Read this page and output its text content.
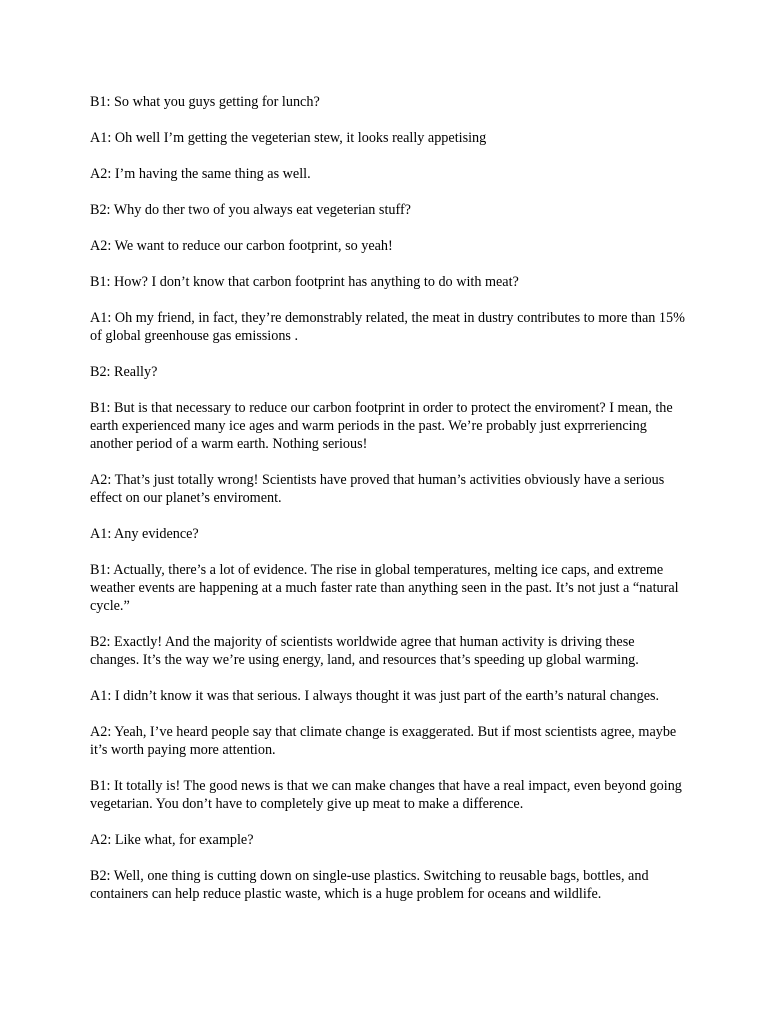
B1: So what you guys getting for lunch?

A1: Oh well I’m getting the vegeterian stew, it looks really appetising

A2: I’m having the same thing as well.

B2: Why do ther two of you always eat vegeterian stuff?

A2: We want to reduce our carbon footprint, so yeah!

B1: How? I don’t know that carbon footprint has anything to do with meat?

A1: Oh my friend, in fact, they’re demonstrably related, the meat in dustry contributes to more than 15% of global greenhouse gas emissions .

B2: Really?

B1: But is that necessary to reduce our carbon footprint in order to protect the enviroment? I mean, the earth experienced many ice ages and warm periods in the past. We’re probably just exprreriencing another period of a warm earth. Nothing serious!

A2: That’s just totally wrong! Scientists have proved that human’s activities obviously have a serious effect on our planet’s enviroment.

A1: Any evidence?

B1: Actually, there’s a lot of evidence. The rise in global temperatures, melting ice caps, and extreme weather events are happening at a much faster rate than anything seen in the past. It’s not just a “natural cycle.”

B2: Exactly! And the majority of scientists worldwide agree that human activity is driving these changes. It’s the way we’re using energy, land, and resources that’s speeding up global warming.

A1: I didn’t know it was that serious. I always thought it was just part of the earth’s natural changes.

A2: Yeah, I’ve heard people say that climate change is exaggerated. But if most scientists agree, maybe it’s worth paying more attention.

B1: It totally is! The good news is that we can make changes that have a real impact, even beyond going vegetarian. You don’t have to completely give up meat to make a difference.

A2: Like what, for example?

B2: Well, one thing is cutting down on single-use plastics. Switching to reusable bags, bottles, and containers can help reduce plastic waste, which is a huge problem for oceans and wildlife.
